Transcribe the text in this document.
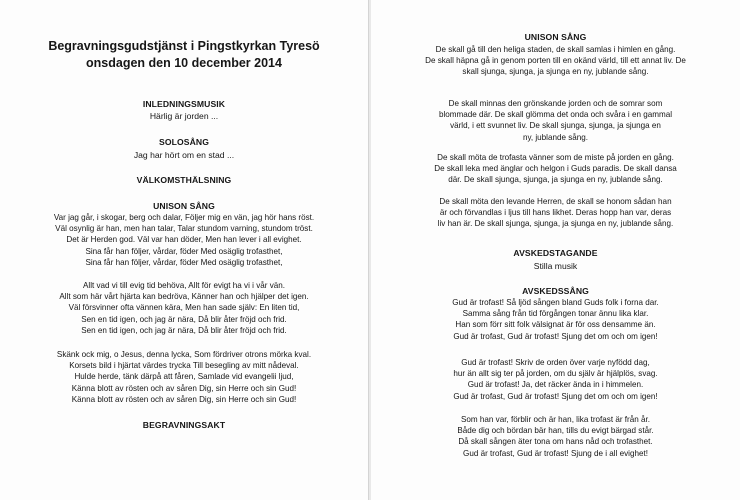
Begravningsgudstjänst i Pingstkyrkan Tyresö
onsdagen den 10 december 2014
INLEDNINGSMUSIK
Härlig är jorden ...
SOLOSÅNG
Jag har hört om en stad ...
VÄLKOMSTHÄLSNING
UNISON SÅNG
Var jag går, i skogar, berg och dalar, Följer mig en vän, jag hör hans röst.
Väl osynlig är han, men han talar, Talar stundom varning, stundom tröst.
Det är Herden god. Väl var han döder, Men han lever i all evighet.
Sina får han följer, vårdar, föder Med osäglig trofasthet,
Sina får han följer, vårdar, föder Med osäglig trofasthet,
Allt vad vi till evig tid behöva, Allt för evigt ha vi i vår vän.
Allt som här vårt hjärta kan bedröva, Känner han och hjälper det igen.
Väl försvinner ofta vännen kära, Men han sade själv: En liten tid,
Sen en tid igen, och jag är nära, Då blir åter fröjd och frid.
Sen en tid igen, och jag är nära, Då blir åter fröjd och frid.
Skänk ock mig, o Jesus, denna lycka, Som fördriver otrons mörka kval.
Korsets bild i hjärtat värdes trycka Till besegling av mitt nådeval.
Hulde herde, tänk därpå att fåren, Samlade vid evangelii ljud,
Känna blott av rösten och av såren Dig, sin Herre och sin Gud!
Känna blott av rösten och av såren Dig, sin Herre och sin Gud!
BEGRAVNINGSAKT
UNISON SÅNG
De skall gå till den heliga staden, de skall samlas i himlen en gång.
De skall häpna gå in genom porten till en okänd värld, till ett annat liv. De
skall sjunga, sjunga, ja sjunga en ny, jublande sång.
De skall minnas den grönskande jorden och de somrar som
blommade där. De skall glömma det onda och svåra i en gammal
värld, i ett svunnet liv. De skall sjunga, sjunga, ja sjunga en
ny, jublande sång.
De skall möta de trofasta vänner som de miste på jorden en gång.
De skall leka med änglar och helgon i Guds paradis. De skall dansa
där. De skall sjunga, sjunga, ja sjunga en ny, jublande sång.
De skall möta den levande Herren, de skall se honom sådan han
är och förvandlas i ljus till hans likhet. Deras hopp han var, deras
liv han är. De skall sjunga, sjunga, ja sjunga en ny, jublande sång.
AVSKEDSTAGANDE
Stilla musik
AVSKEDSSÅNG
Gud är trofast! Så ljöd sången bland Guds folk i forna dar.
Samma sång från tid förgången tonar ännu lika klar.
Han som förr sitt folk välsignat är för oss densamme än.
Gud är trofast, Gud är trofast! Sjung det om och om igen!
Gud är trofast! Skriv de orden över varje nyfödd dag,
hur än allt sig ter på jorden, om du själv är hjälplös, svag.
Gud är trofast! Ja, det räcker ända in i himmelen.
Gud är trofast, Gud är trofast! Sjung det om och om igen!
Som han var, förblir och är han, lika trofast är från år.
Både dig och bördan bär han, tills du evigt bärgad står.
Då skall sången äter tona om hans nåd och trofasthet.
Gud är trofast, Gud är trofast! Sjung de i all evighet!
